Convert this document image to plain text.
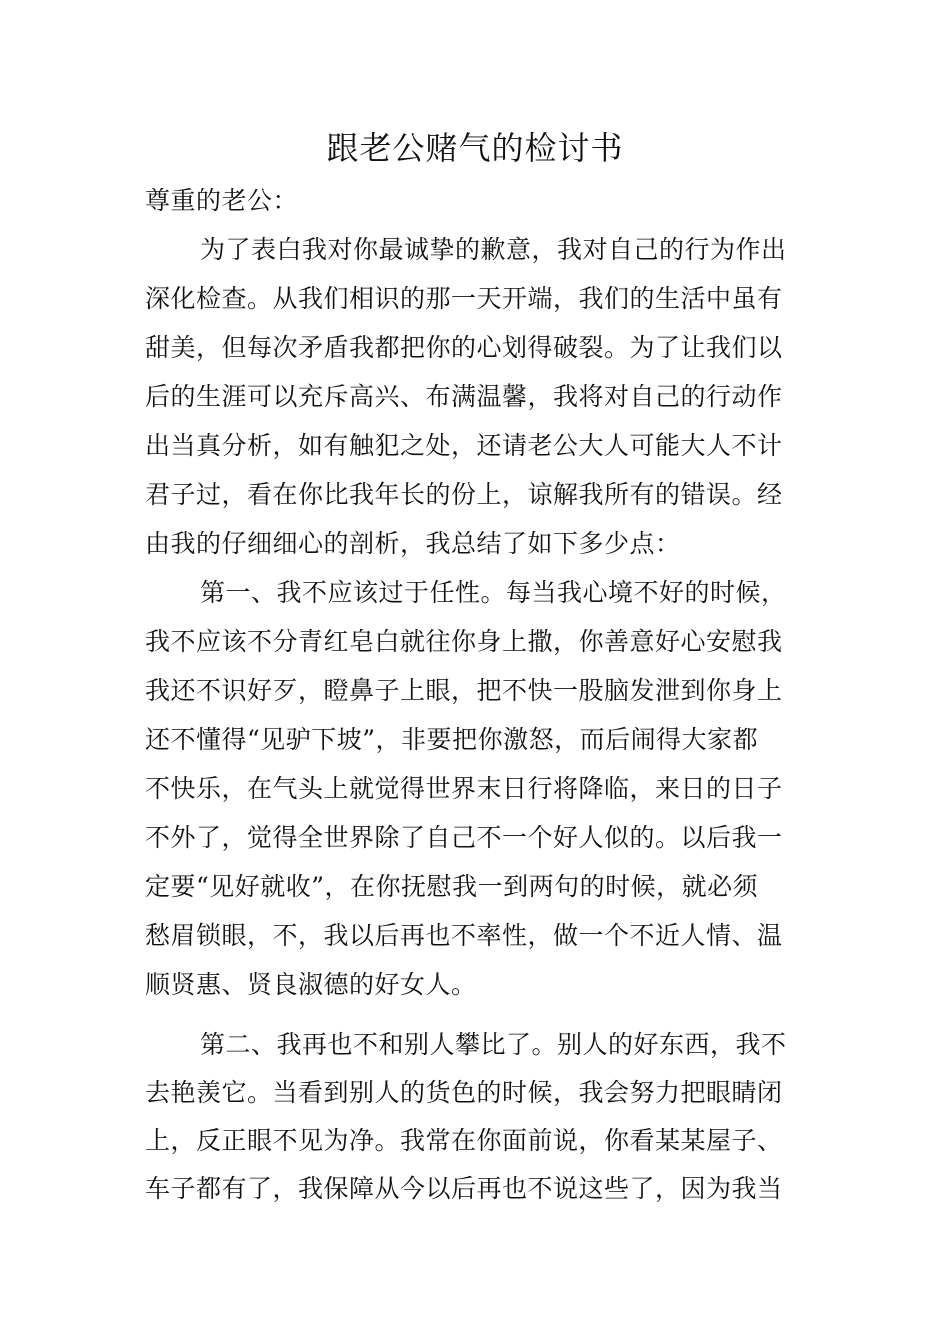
跟老公赌气的检讨书
尊重的老公：
为了表白我对你最诚挚的歉意，我对自己的行为作出
深化检查。从我们相识的那一天开端，我们的生活中虽有
甜美，但每次矛盾我都把你的心划得破裂。为了让我们以
后的生涯可以充斥高兴、布满温馨，我将对自己的行动作
出当真分析，如有触犯之处，还请老公大人可能大人不计
君子过，看在你比我年长的份上，谅解我所有的错误。经
由我的仔细细心的剖析，我总结了如下多少点：
第一、我不应该过于任性。每当我心境不好的时候，
我不应该不分青红皂白就往你身上撒，你善意好心安慰我
我还不识好歹，瞪鼻子上眼，把不快一股脑发泄到你身上
还不懂得“见驴下坡”，非要把你激怒，而后闹得大家都
不快乐，在气头上就觉得世界末日行将降临，来日的日子
不外了，觉得全世界除了自己不一个好人似的。以后我一
定要“见好就收”，在你抚慰我一到两句的时候，就必须
愁眉锁眼，不，我以后再也不率性，做一个不近人情、温
顺贤惠、贤良淑德的好女人。
第二、我再也不和别人攀比了。别人的好东西，我不
去艳羡它。当看到别人的货色的时候，我会努力把眼睛闭
上，反正眼不见为净。我常在你面前说，你看某某屋子、
车子都有了，我保障从今以后再也不说这些了，因为我当
